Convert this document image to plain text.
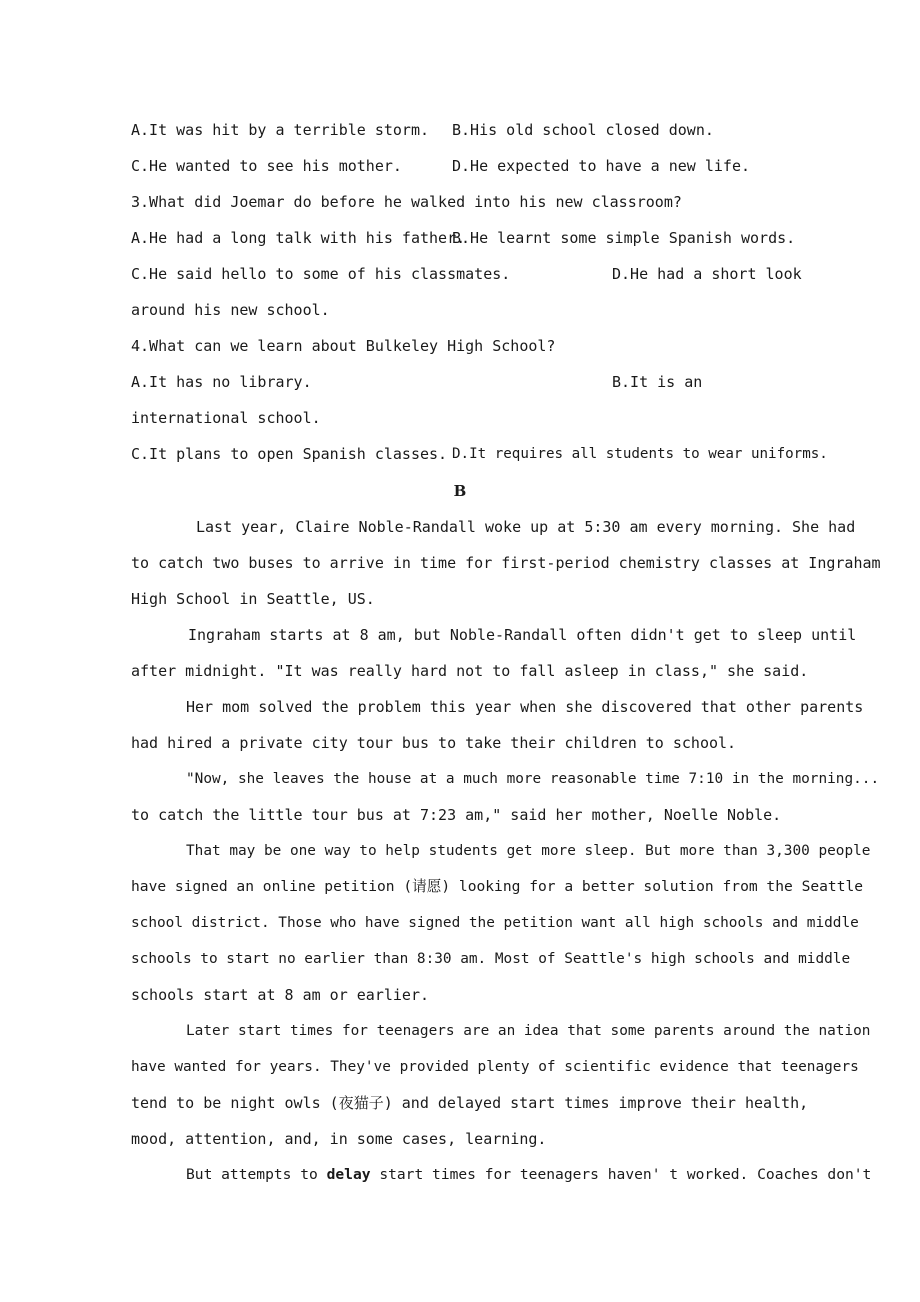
A.It was hit by a terrible storm. B.His old school closed down.
C.He wanted to see his mother.	D.He expected to have a new life.
3.What did Joemar do before he walked into his new classroom?
A.He had a long talk with his father.
B.He learnt some simple Spanish words.
C.He said hello to some of his classmates.	D.He had a short look
around his new school.
4.What can we learn about Bulkeley High School?
A.It has no library.	B.It is an
international school.
C.It plans to open Spanish classes. D.It requires all students to wear uniforms.
B
Last year, Claire Noble-Randall woke up at 5:30 am every morning. She had
to catch two buses to arrive in time for first-period chemistry classes at Ingraham
High School in Seattle, US.
Ingraham starts at 8 am, but Noble-Randall often didn't get to sleep until
after midnight. "It was really hard not to fall asleep in class," she said.
Her mom solved the problem this year when she discovered that other parents
had hired a private city tour bus to take their children to school.
"Now, she leaves the house at a much more reasonable time 7:10 in the morning...
to catch the little tour bus at 7:23 am," said her mother, Noelle Noble.
That may be one way to help students get more sleep. But more than 3,300 people
have signed an online petition (请愿) looking for a better solution from the Seattle
school district. Those who have signed the petition want all high schools and middle
schools to start no earlier than 8:30 am. Most of Seattle's high schools and middle
schools start at 8 am or earlier.
Later start times for teenagers are an idea that some parents around the nation
have wanted for years. They've provided plenty of scientific evidence that teenagers
tend to be night owls (夜猫子) and delayed start times improve their health,
mood, attention, and, in some cases, learning.
But attempts to delay start times for teenagers haven' t worked. Coaches don't
